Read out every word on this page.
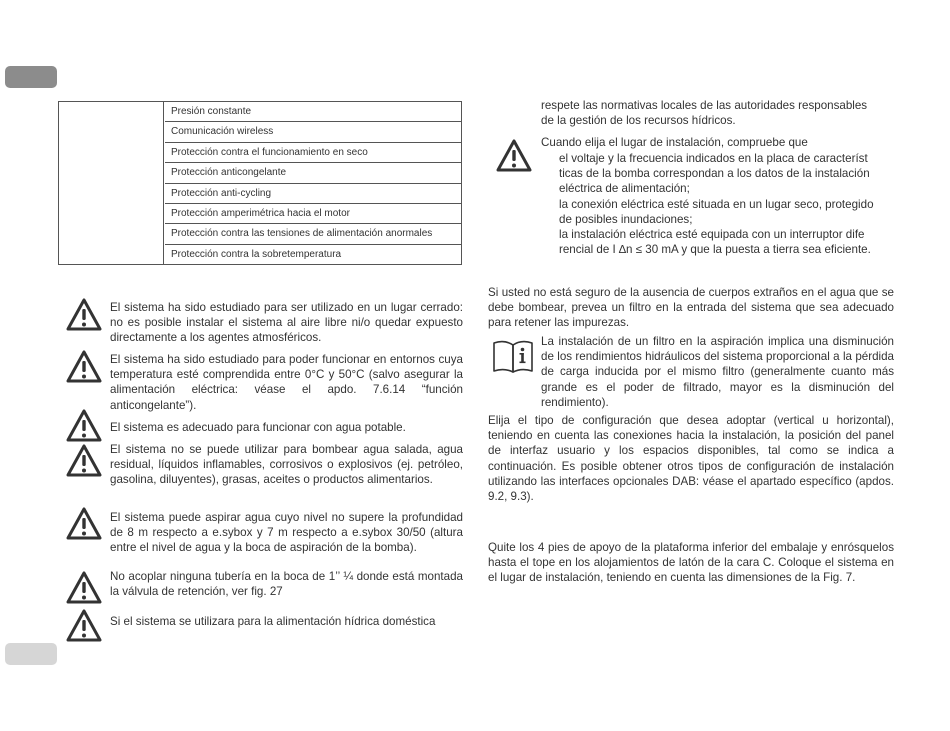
Presión constante
Comunicación wireless
Protección contra el funcionamiento en seco
Protección anticongelante
Protección anti-cycling
Protección amperimétrica hacia el motor
Protección contra las tensiones de alimentación anormales
Protección contra la sobretemperatura
El sistema ha sido estudiado para ser utilizado en un lugar cerrado: no es posible instalar el sistema al aire libre ni/o quedar expuesto directamente a los agentes atmosféricos.
El sistema ha sido estudiado para poder funcionar en entornos cuya temperatura esté comprendida entre 0°C y 50°C (salvo asegurar la alimentación eléctrica: véase el apdo. 7.6.14 “función anticongelante”).
El sistema es adecuado para funcionar con agua potable.
El sistema no se puede utilizar para bombear agua salada, agua residual, líquidos inflamables, corrosivos o explosivos (ej. petróleo, gasolina, diluyentes), grasas, aceites o productos alimentarios.
El sistema puede aspirar agua cuyo nivel no supere la profundidad de 8 m respecto a e.sybox y 7 m respecto a e.sybox 30/50 (altura entre el nivel de agua y la boca de aspiración de la bomba).
No acoplar ninguna tubería en la boca de 1’’ ¼ donde está montada la válvula de retención, ver fig. 27
Si el sistema se utilizara para la alimentación hídrica doméstica
respete las normativas locales de las autoridades responsables
de la gestión de los recursos hídricos.
Cuando elija el lugar de instalación, compruebe que
el voltaje y la frecuencia indicados en la placa de característ
ticas de la bomba correspondan a los datos de la instalación
eléctrica de alimentación;
la conexión eléctrica esté situada en un lugar seco, protegido
de posibles inundaciones;
la instalación eléctrica esté equipada con un interruptor dife
rencial de I ∆n ≤ 30 mA y que la puesta a tierra sea eficiente.
Si usted no está seguro de la ausencia de cuerpos extraños en el agua que se debe bombear, prevea un filtro en la entrada del sistema que sea adecuado para retener las impurezas.
La instalación de un filtro en la aspiración implica una disminución de los rendimientos hidráulicos del sistema proporcional a la pérdida de carga inducida por el mismo filtro (generalmente cuanto más grande es el poder de filtrado, mayor es la disminución del rendimiento).
Elija el tipo de configuración que desea adoptar (vertical u horizontal), teniendo en cuenta las conexiones hacia la instalación, la posición del panel de interfaz usuario y los espacios disponibles, tal como se indica a continuación. Es posible obtener otros tipos de configuración de instalación utilizando las interfaces opcionales DAB: véase el apartado específico (apdos. 9.2, 9.3).
Quite los 4 pies de apoyo de la plataforma inferior del embalaje y enrósquelos hasta el tope en los alojamientos de latón de la cara C. Coloque el sistema en el lugar de instalación, teniendo en cuenta las dimensiones de la Fig. 7.
